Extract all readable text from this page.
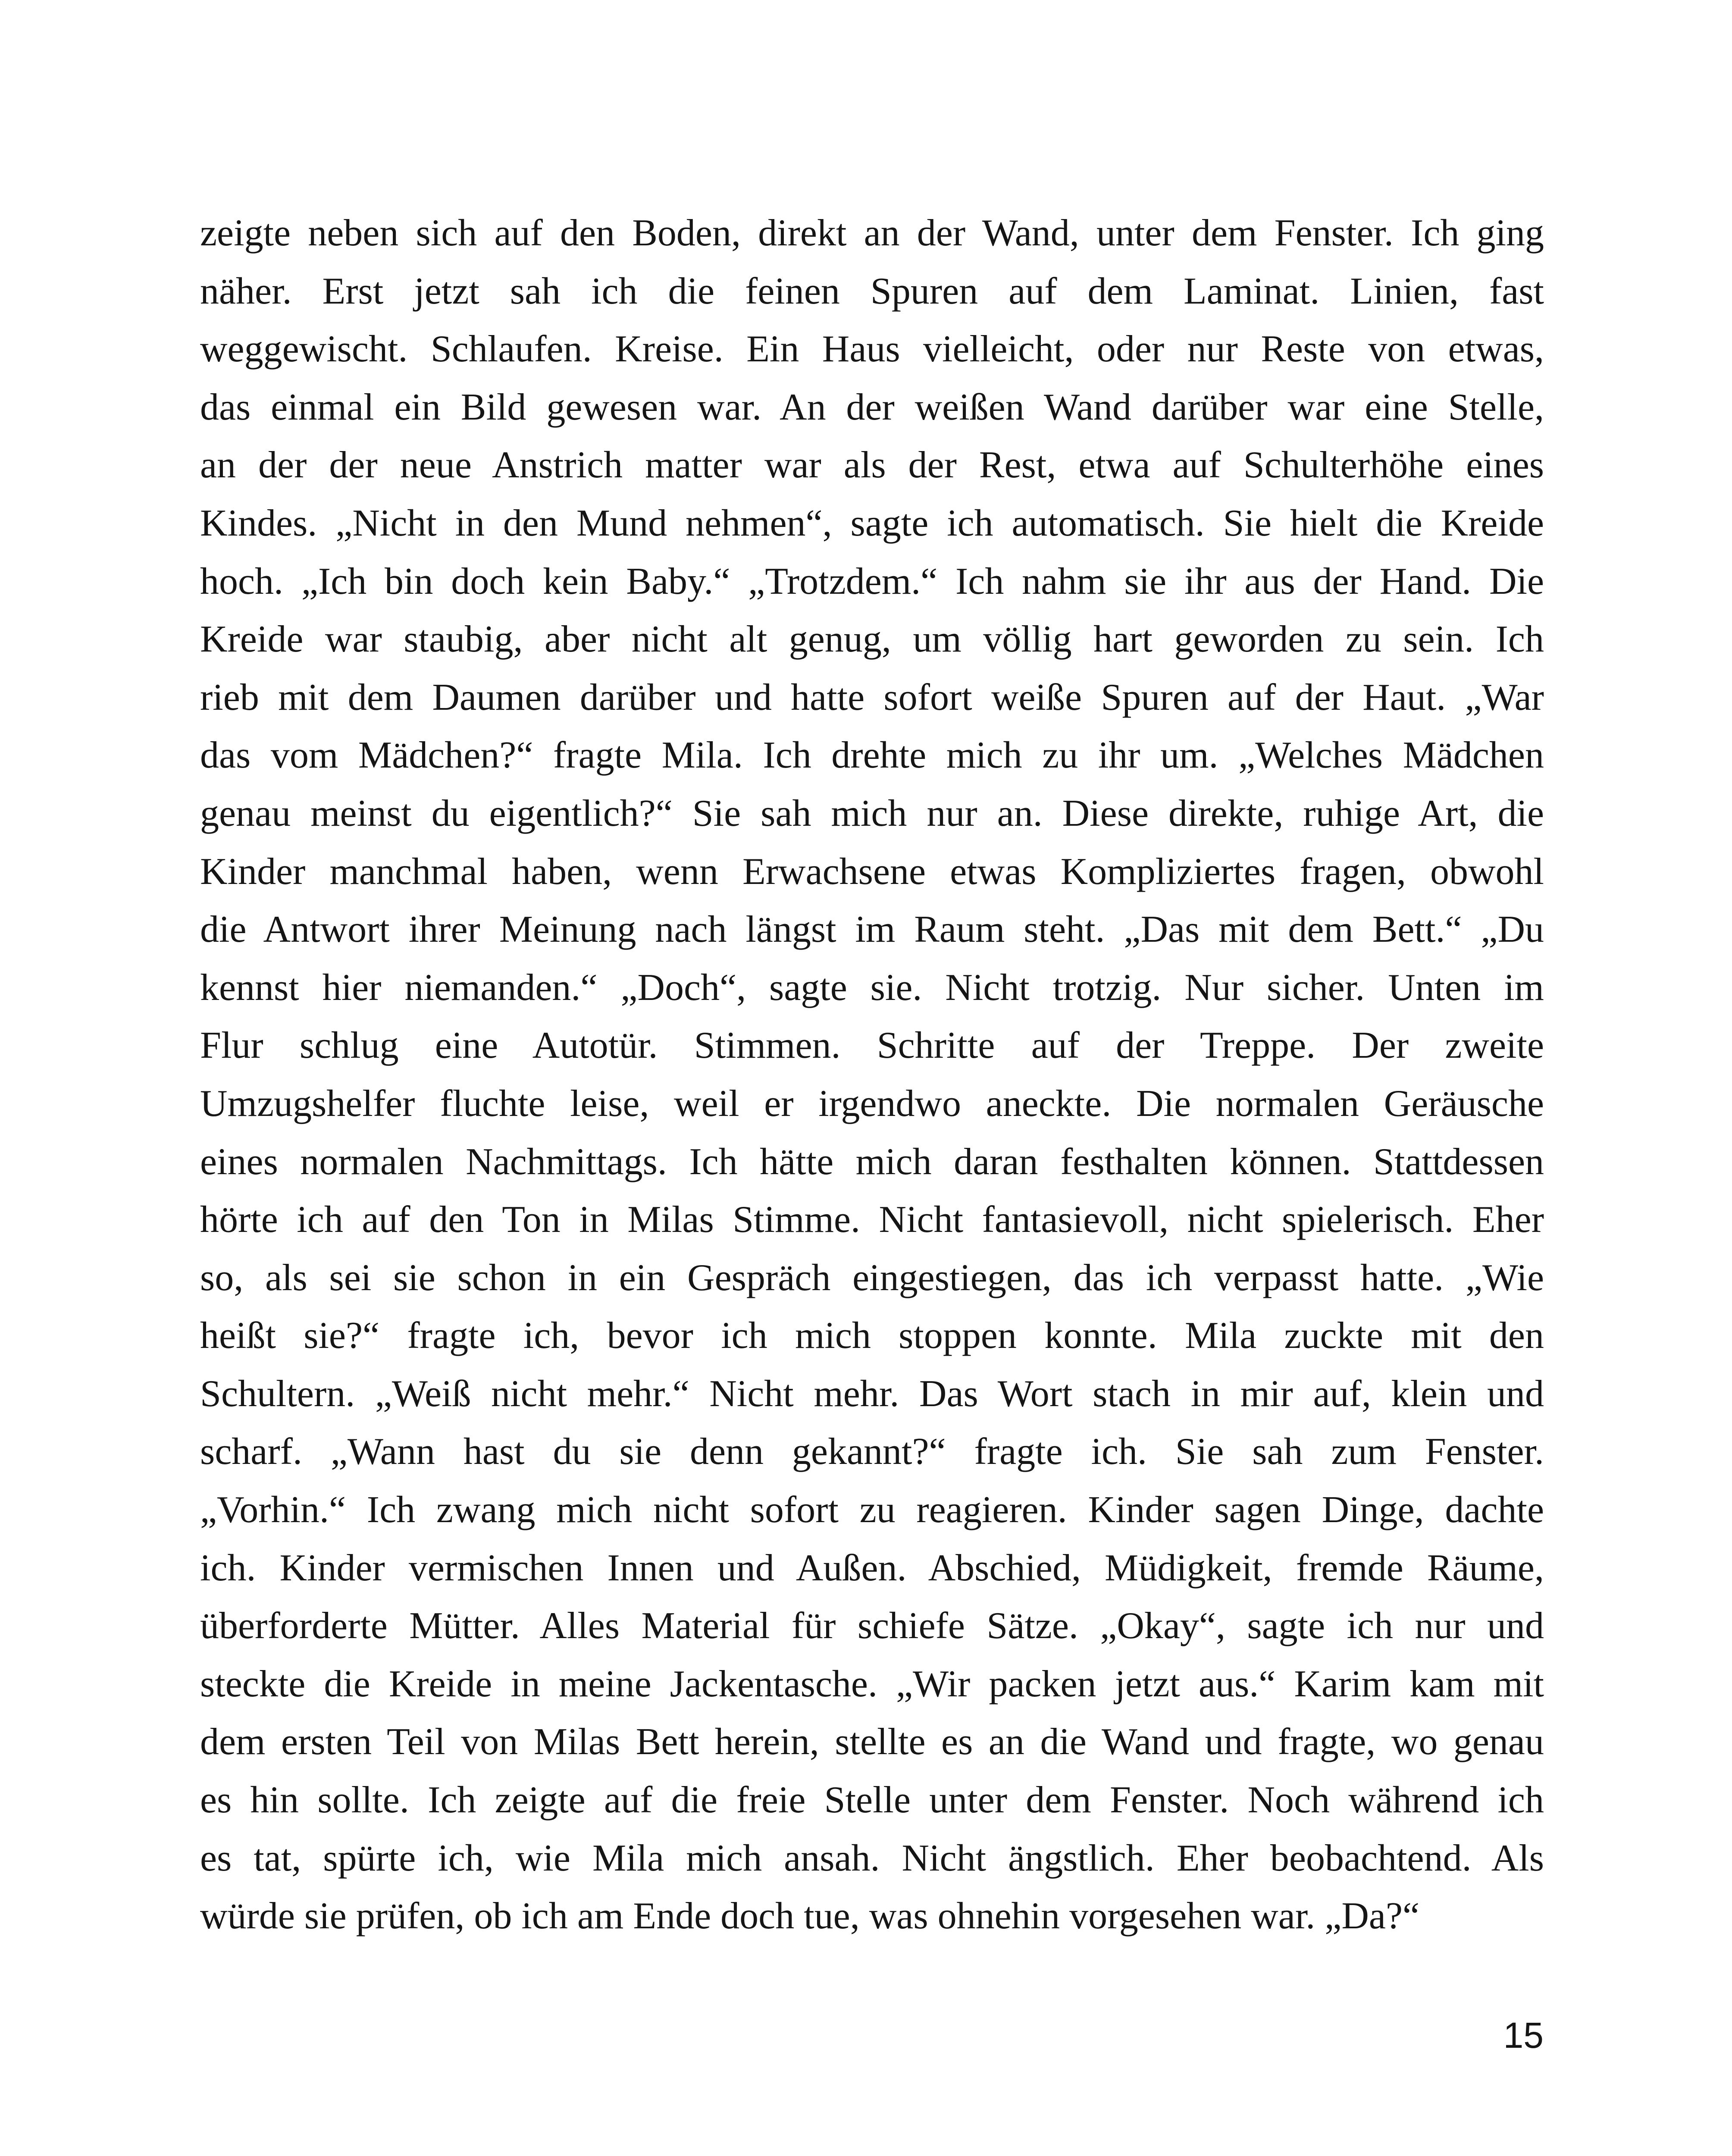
zeigte neben sich auf den Boden, direkt an der Wand, unter dem Fenster. Ich ging
näher. Erst jetzt sah ich die feinen Spuren auf dem Laminat. Linien, fast
weggewischt. Schlaufen. Kreise. Ein Haus vielleicht, oder nur Reste von etwas,
das einmal ein Bild gewesen war. An der weißen Wand darüber war eine Stelle,
an der der neue Anstrich matter war als der Rest, etwa auf Schulterhöhe eines
Kindes. „Nicht in den Mund nehmen“, sagte ich automatisch. Sie hielt die Kreide
hoch. „Ich bin doch kein Baby.“ „Trotzdem.“ Ich nahm sie ihr aus der Hand. Die
Kreide war staubig, aber nicht alt genug, um völlig hart geworden zu sein. Ich
rieb mit dem Daumen darüber und hatte sofort weiße Spuren auf der Haut. „War
das vom Mädchen?“ fragte Mila. Ich drehte mich zu ihr um. „Welches Mädchen
genau meinst du eigentlich?“ Sie sah mich nur an. Diese direkte, ruhige Art, die
Kinder manchmal haben, wenn Erwachsene etwas Kompliziertes fragen, obwohl
die Antwort ihrer Meinung nach längst im Raum steht. „Das mit dem Bett.“ „Du
kennst hier niemanden.“ „Doch“, sagte sie. Nicht trotzig. Nur sicher. Unten im
Flur schlug eine Autotür. Stimmen. Schritte auf der Treppe. Der zweite
Umzugshelfer fluchte leise, weil er irgendwo aneckte. Die normalen Geräusche
eines normalen Nachmittags. Ich hätte mich daran festhalten können. Stattdessen
hörte ich auf den Ton in Milas Stimme. Nicht fantasievoll, nicht spielerisch. Eher
so, als sei sie schon in ein Gespräch eingestiegen, das ich verpasst hatte. „Wie
heißt sie?“ fragte ich, bevor ich mich stoppen konnte. Mila zuckte mit den
Schultern. „Weiß nicht mehr.“ Nicht mehr. Das Wort stach in mir auf, klein und
scharf. „Wann hast du sie denn gekannt?“ fragte ich. Sie sah zum Fenster.
„Vorhin.“ Ich zwang mich nicht sofort zu reagieren. Kinder sagen Dinge, dachte
ich. Kinder vermischen Innen und Außen. Abschied, Müdigkeit, fremde Räume,
überforderte Mütter. Alles Material für schiefe Sätze. „Okay“, sagte ich nur und
steckte die Kreide in meine Jackentasche. „Wir packen jetzt aus.“ Karim kam mit
dem ersten Teil von Milas Bett herein, stellte es an die Wand und fragte, wo genau
es hin sollte. Ich zeigte auf die freie Stelle unter dem Fenster. Noch während ich
es tat, spürte ich, wie Mila mich ansah. Nicht ängstlich. Eher beobachtend. Als
würde sie prüfen, ob ich am Ende doch tue, was ohnehin vorgesehen war. „Da?“
15
